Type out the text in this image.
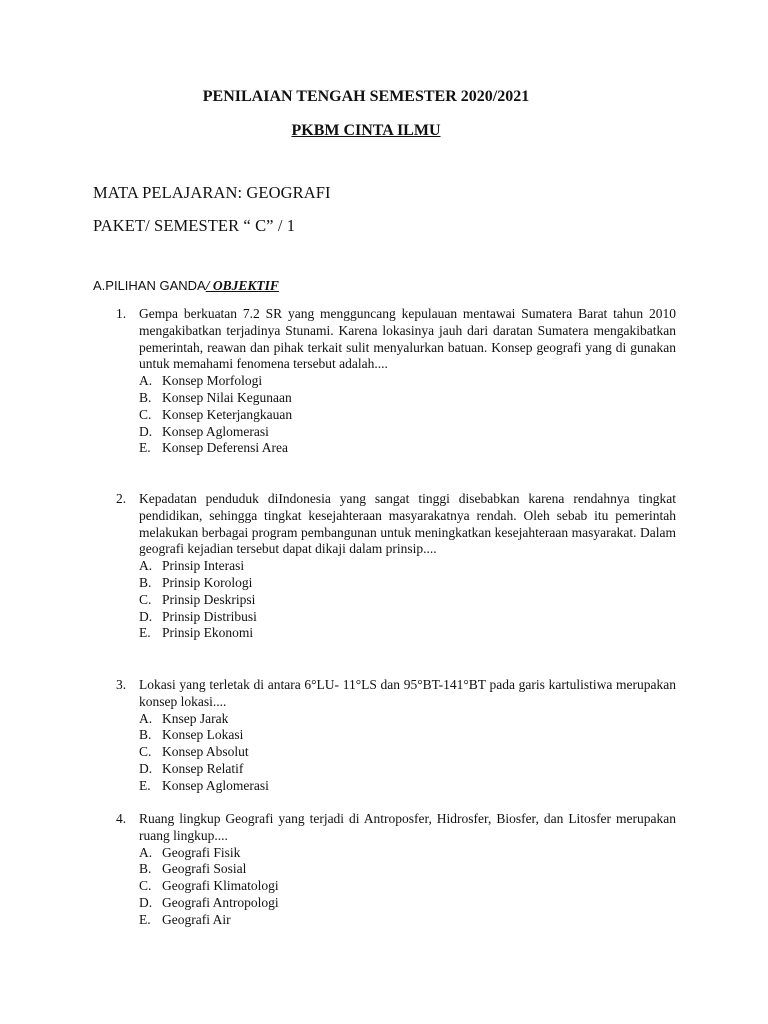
PENILAIAN TENGAH SEMESTER 2020/2021
PKBM CINTA ILMU
MATA PELAJARAN: GEOGRAFI
PAKET/ SEMESTER “ C” / 1
A.PILIHAN GANDA/ OBJEKTIF
1. Gempa berkuatan 7.2 SR yang mengguncang kepulauan mentawai Sumatera Barat tahun 2010 mengakibatkan terjadinya Stunami. Karena lokasinya jauh dari daratan Sumatera mengakibatkan pemerintah, reawan dan pihak terkait sulit menyalurkan batuan. Konsep geografi yang di gunakan untuk memahami fenomena tersebut adalah....
A. Konsep Morfologi
B. Konsep Nilai Kegunaan
C. Konsep Keterjangkauan
D. Konsep Aglomerasi
E. Konsep Deferensi Area
2. Kepadatan penduduk diIndonesia yang sangat tinggi disebabkan karena rendahnya tingkat pendidikan, sehingga tingkat kesejahteraan masyarakatnya rendah. Oleh sebab itu pemerintah melakukan berbagai program pembangunan untuk meningkatkan kesejahteraan masyarakat. Dalam geografi kejadian tersebut dapat dikaji dalam prinsip....
A. Prinsip Interasi
B. Prinsip Korologi
C. Prinsip Deskripsi
D. Prinsip Distribusi
E. Prinsip Ekonomi
3. Lokasi yang terletak di antara 6°LU- 11°LS dan 95°BT-141°BT pada garis kartulistiwa merupakan konsep lokasi....
A. Knsep Jarak
B. Konsep Lokasi
C. Konsep Absolut
D. Konsep Relatif
E. Konsep Aglomerasi
4. Ruang lingkup Geografi yang terjadi di Antroposfer, Hidrosfer, Biosfer, dan Litosfer merupakan ruang lingkup....
A. Geografi Fisik
B. Geografi Sosial
C. Geografi Klimatologi
D. Geografi Antropologi
E. Geografi Air
